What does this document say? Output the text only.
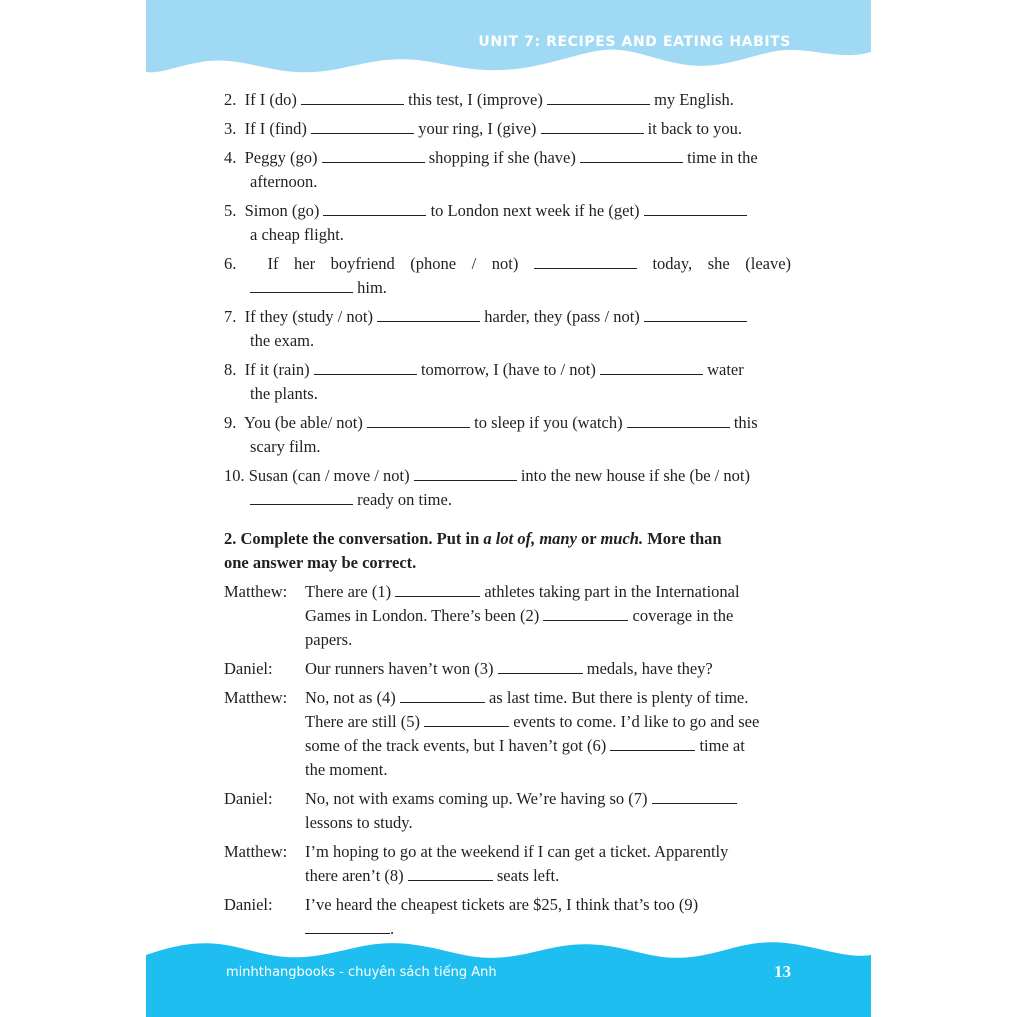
UNIT 7: RECIPES AND EATING HABITS
2. If I (do)	this test, I (improve)	my English.
3. If I (find)	your ring, I (give)	it back to you.
4. Peggy (go)	shopping if she (have)	time in the
afternoon.
5. Simon (go)	to London next week if he (get)
a cheap flight.
6. If her boyfriend (phone / not)	today, she (leave)
him.
7. If they (study / not)	harder, they (pass / not)
the exam.
8. If it (rain)	tomorrow, I (have to / not)	water
the plants.
9. You (be able/ not)	to sleep if you (watch)	this
scary film.
10. Susan (can / move / not)	into the new house if she (be / not)
ready on time.
2. Complete the conversation. Put in a lot of, many or much. More than
one answer may be correct.
Matthew: There are (1)	athletes taking part in the International
Games in London. There’s been (2)	coverage in the
papers.
Daniel: Our runners haven’t won (3)	medals, have they?
Matthew: No, not as (4)	as last time. But there is plenty of time.
There are still (5)	events to come. I’d like to go and see
some of the track events, but I haven’t got (6)	time at
the moment.
Daniel: No, not with exams coming up. We’re having so (7)
lessons to study.
Matthew: I’m hoping to go at the weekend if I can get a ticket. Apparently
there aren’t (8)	seats left.
Daniel: I’ve heard the cheapest tickets are $25, I think that’s too (9)
.
minhthangbooks - chuyên sách tiếng Anh	13
